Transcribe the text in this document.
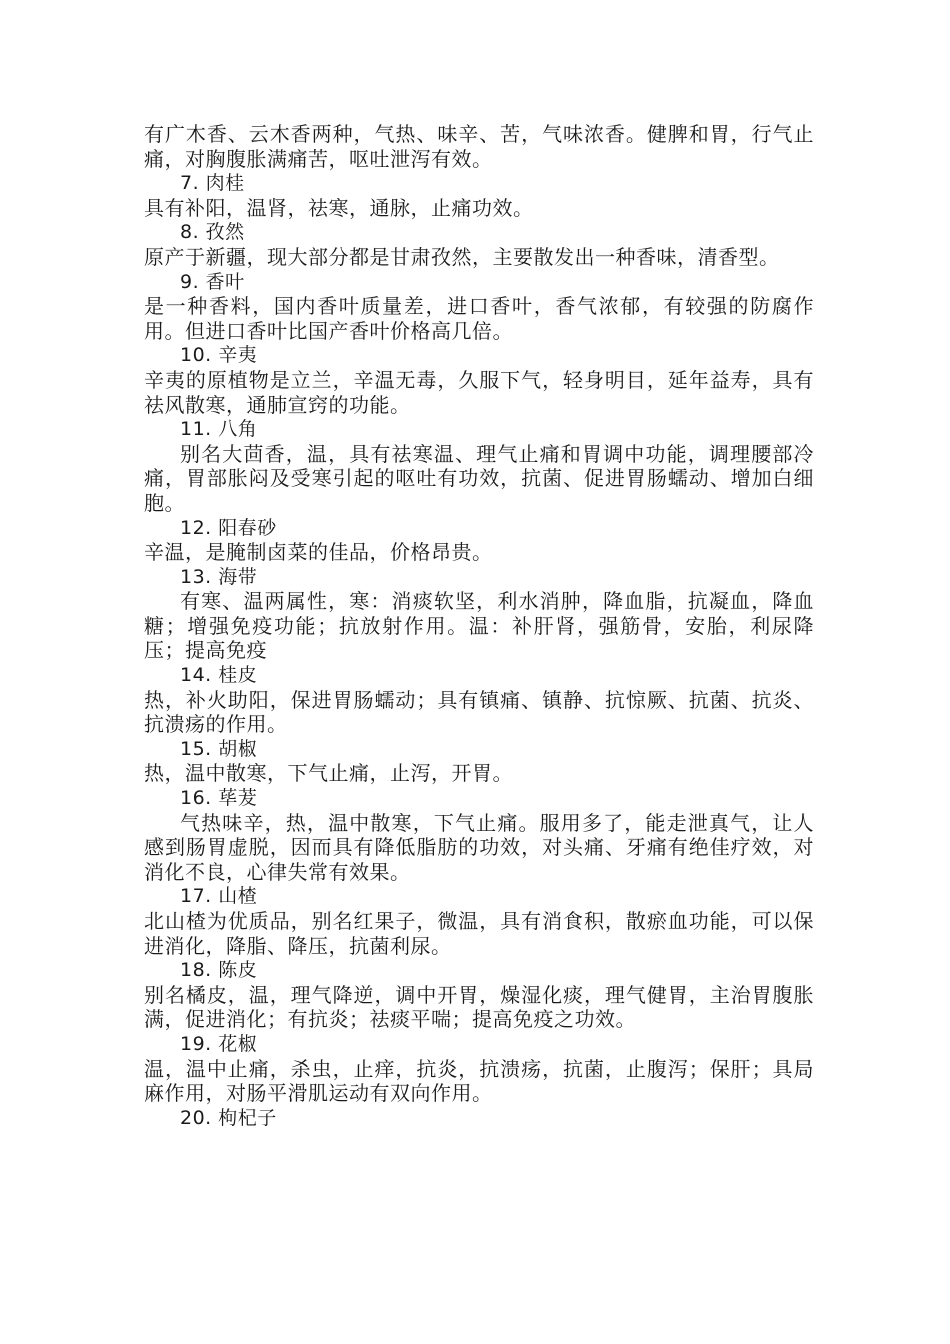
有广木香、云木香两种，气热、味辛、苦，气味浓香。健脾和胃，行气止痛，对胸腹胀满痛苦，呕吐泄泻有效。

7. 肉桂

具有补阳，温肾，祛寒，通脉，止痛功效。

8. 孜然

原产于新疆，现大部分都是甘肃孜然，主要散发出一种香味，清香型。

9. 香叶

是一种香料，国内香叶质量差，进口香叶，香气浓郁，有较强的防腐作用。但进口香叶比国产香叶价格高几倍。

10. 辛夷

辛夷的原植物是立兰，辛温无毒，久服下气，轻身明目，延年益寿，具有祛风散寒，通肺宣窍的功能。

11. 八角

别名大茴香，温，具有祛寒温、理气止痛和胃调中功能，调理腰部冷痛，胃部胀闷及受寒引起的呕吐有功效，抗菌、促进胃肠蠕动、增加白细胞。

12. 阳春砂

辛温，是腌制卤菜的佳品，价格昂贵。

13. 海带

有寒、温两属性，寒：消痰软坚，利水消肿，降血脂，抗凝血，降血糖；增强免疫功能；抗放射作用。温：补肝肾，强筋骨，安胎，利尿降压；提高免疫

14. 桂皮

热，补火助阳，保进胃肠蠕动；具有镇痛、镇静、抗惊厥、抗菌、抗炎、抗溃疡的作用。

15. 胡椒

热，温中散寒，下气止痛，止泻，开胃。

16. 荜茇

气热味辛，热，温中散寒，下气止痛。服用多了，能走泄真气，让人感到肠胃虚脱，因而具有降低脂肪的功效，对头痛、牙痛有绝佳疗效，对消化不良，心律失常有效果。

17. 山楂

北山楂为优质品，别名红果子，微温，具有消食积，散瘀血功能，可以保进消化，降脂、降压，抗菌利尿。

18. 陈皮

别名橘皮，温，理气降逆，调中开胃，燥湿化痰，理气健胃，主治胃腹胀满，促进消化；有抗炎；祛痰平喘；提高免疫之功效。

19. 花椒

温，温中止痛，杀虫，止痒，抗炎，抗溃疡，抗菌，止腹泻；保肝；具局麻作用，对肠平滑肌运动有双向作用。

20. 枸杞子
